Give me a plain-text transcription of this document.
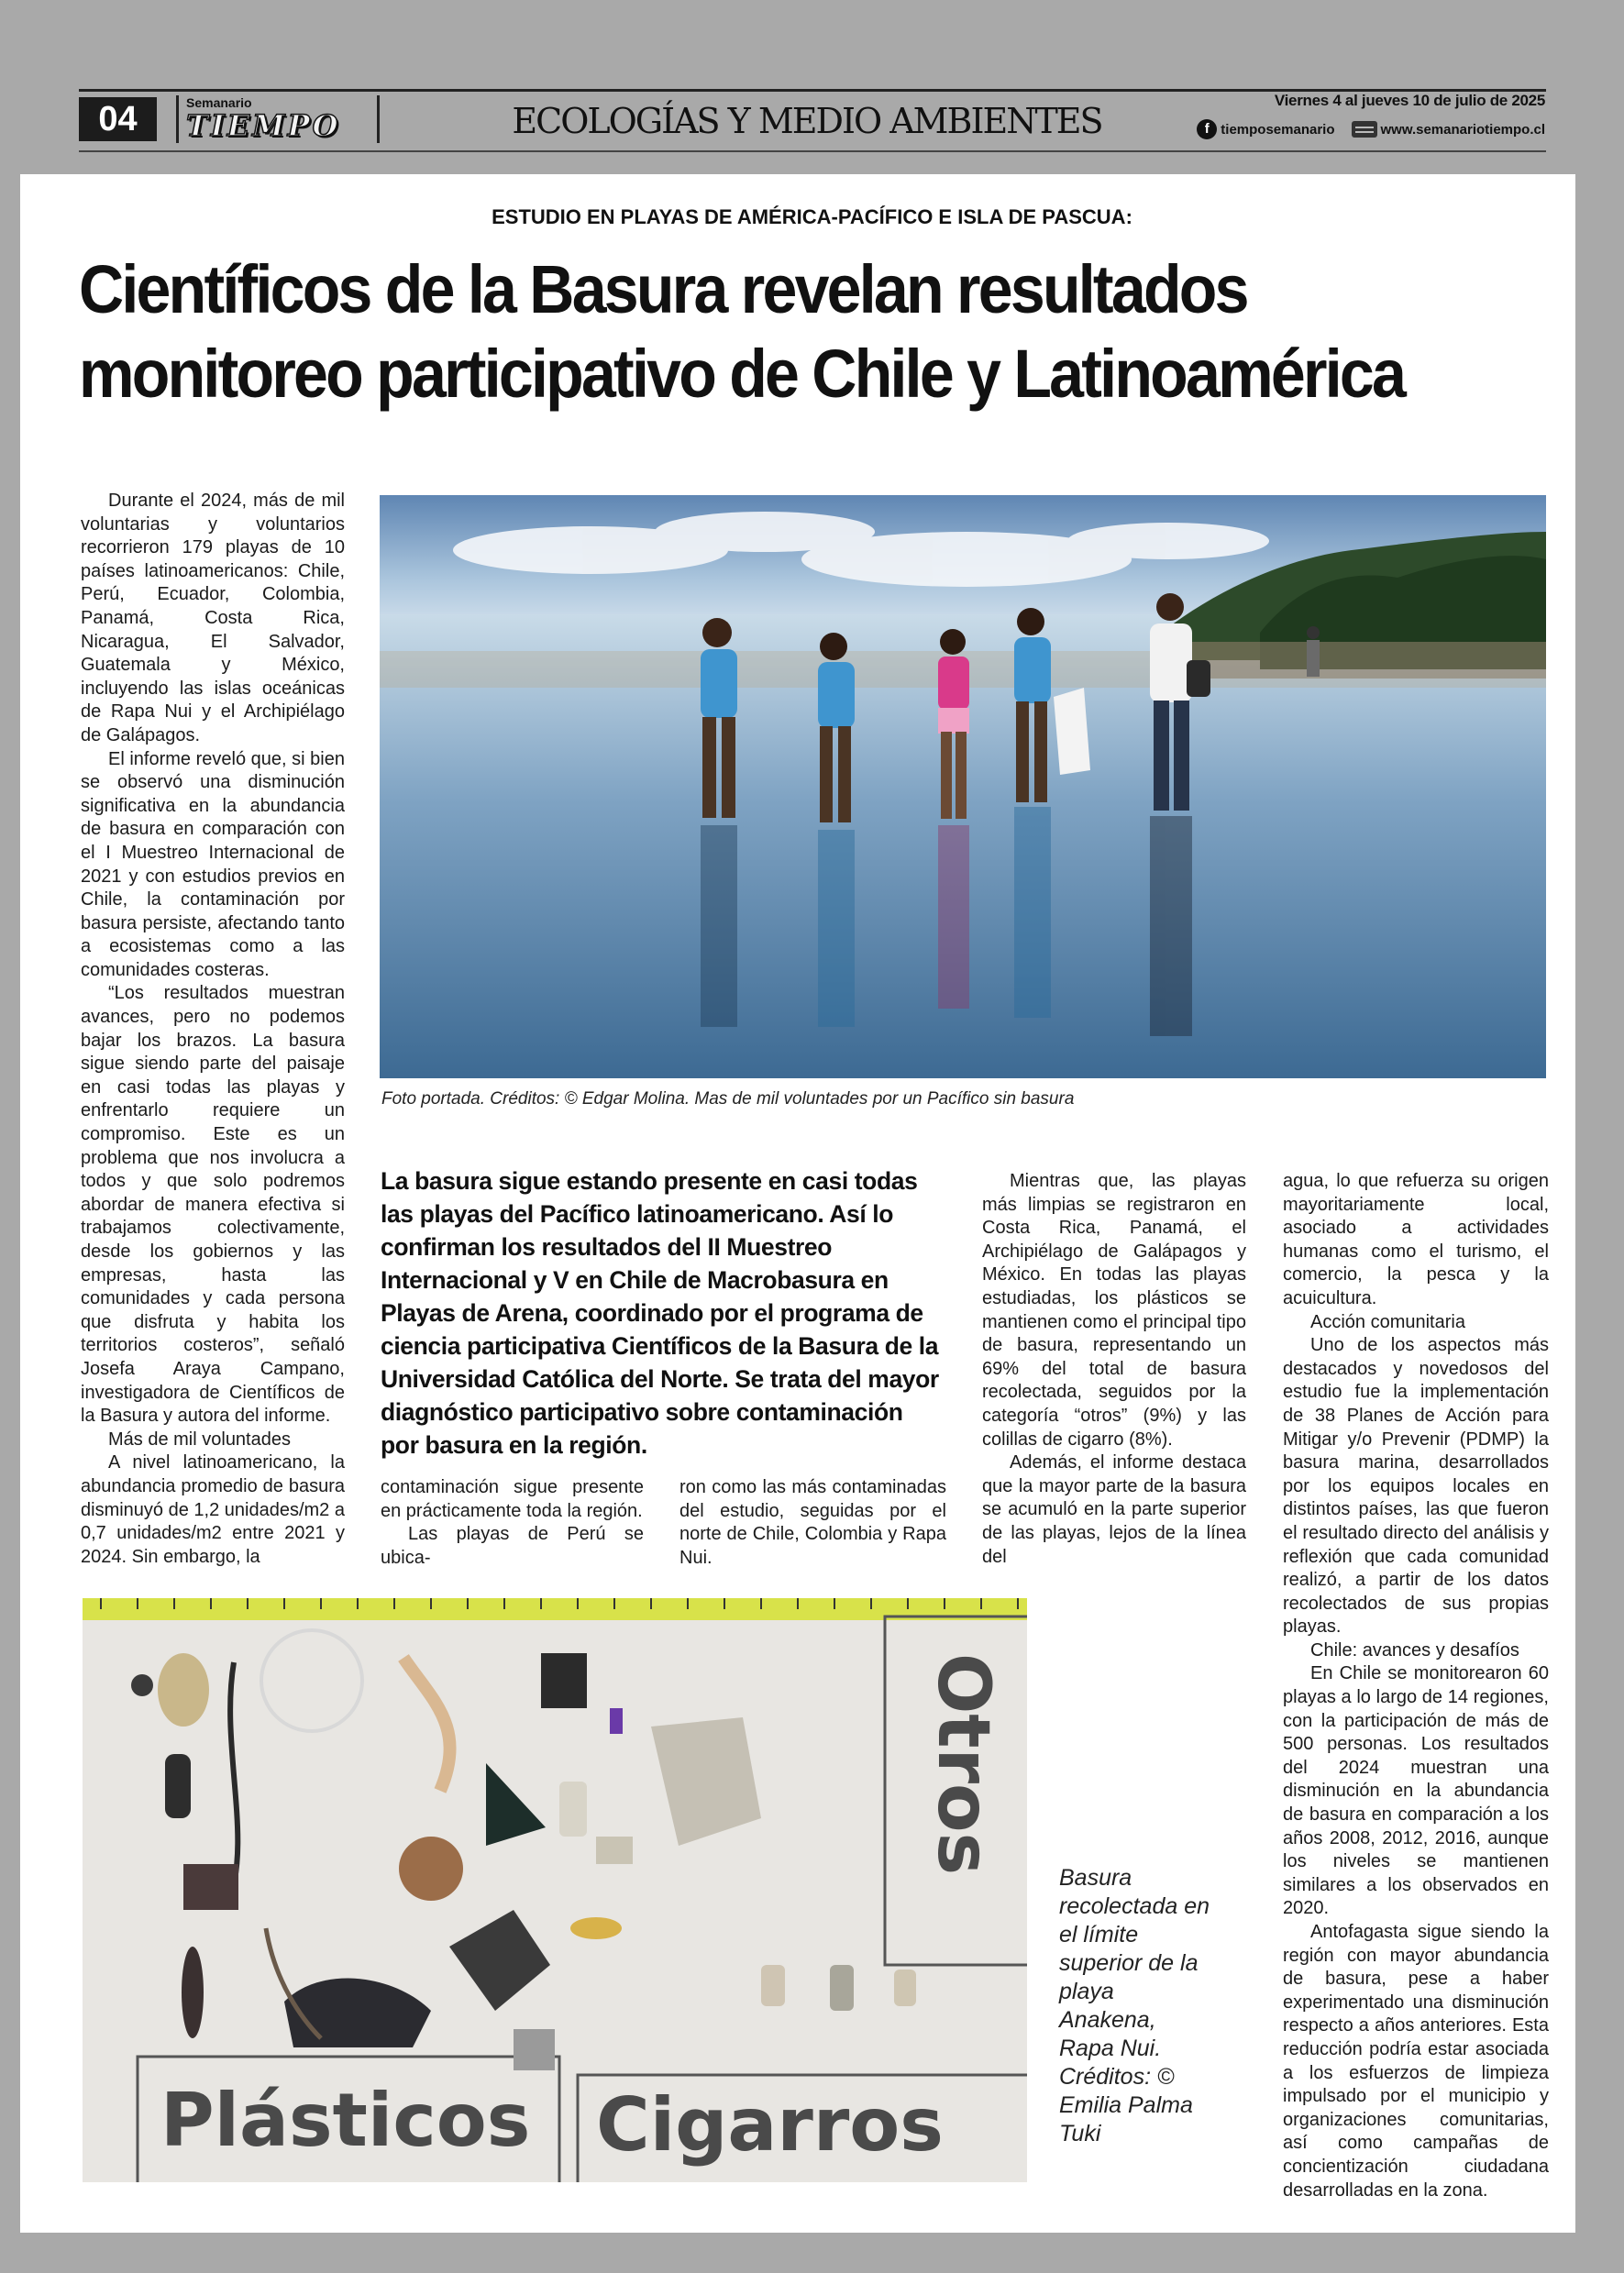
04	Semanario
TIEMPO	ECOLOGÍAS Y MEDIO AMBIENTES
Viernes 4 al jueves 10 de julio de 2025
f tiemposemanario	www.semanariotiempo.cl
ESTUDIO EN PLAYAS DE AMÉRICA-PACÍFICO E ISLA DE PASCUA:
Científicos de la Basura revelan resultados
monitoreo participativo de Chile y Latinoamérica

Durante el 2024, más de mil voluntarias y voluntarios recorrieron 179 playas de 10 países latinoamericanos: Chile, Perú, Ecuador, Colombia, Panamá, Costa Rica, Nicaragua, El Salvador, Guatemala y México, incluyendo las islas oceánicas de Rapa Nui y el Archipiélago de Galápagos.

El informe reveló que, si bien se observó una disminución significativa en la abundancia de basura en comparación con el I Muestreo Internacional de 2021 y con estudios previos en Chile, la contaminación por basura persiste, afectando tanto a ecosistemas como a las comunidades costeras.

“Los resultados muestran avances, pero no podemos bajar los brazos. La basura sigue siendo parte del paisaje en casi todas las playas y enfrentarlo requiere un compromiso. Este es un problema que nos involucra a todos y que solo podremos abordar de manera efectiva si trabajamos colectivamente, desde los gobiernos y las empresas, hasta las comunidades y cada persona que disfruta y habita los territorios costeros”, señaló Josefa Araya Campano, investigadora de Científicos de la Basura y autora del informe.

Más de mil voluntades

A nivel latinoamericano, la abundancia promedio de basura disminuyó de 1,2 unidades/m2 a 0,7 unidades/m2 entre 2021 y 2024. Sin embargo, la

Foto portada. Créditos: © Edgar Molina. Mas de mil voluntades por un Pacífico sin basura
La basura sigue estando presente en casi todas las playas del Pacífico latinoamericano. Así lo confirman los resultados del II Muestreo Internacional y V en Chile de Macrobasura en Playas de Arena, coordinado por el programa de ciencia participativa Científicos de la Basura de la Universidad Católica del Norte. Se trata del mayor diagnóstico participativo sobre contaminación por basura en la región.

contaminación sigue presente en prácticamente toda la región.

Las playas de Perú se ubica-

ron como las más contaminadas del estudio, seguidas por el norte de Chile, Colombia y Rapa Nui.

Mientras que, las playas más limpias se registraron en Costa Rica, Panamá, el Archipiélago de Galápagos y México. En todas las playas estudiadas, los plásticos se mantienen como el principal tipo de basura, representando un 69% del total de basura recolectada, seguidos por la categoría “otros” (9%) y las colillas de cigarro (8%).

Además, el informe destaca que la mayor parte de la basura se acumuló en la parte superior de las playas, lejos de la línea del

agua, lo que refuerza su origen mayoritariamente local, asociado a actividades humanas como el turismo, el comercio, la pesca y la acuicultura.

Acción comunitaria

Uno de los aspectos más destacados y novedosos del estudio fue la implementación de 38 Planes de Acción para Mitigar y/o Prevenir (PDMP) la basura marina, desarrollados por los equipos locales en distintos países, las que fueron el resultado directo del análisis y reflexión que cada comunidad realizó, a partir de los datos recolectados de sus propias playas.

Chile: avances y desafíos

En Chile se monitorearon 60 playas a lo largo de 14 regiones, con la participación de más de 500 personas. Los resultados del 2024 muestran una disminución en la abundancia de basura en comparación a los años 2008, 2012, 2016, aunque los niveles se mantienen similares a los observados en 2020.

Antofagasta sigue siendo la región con mayor abundancia de basura, pese a haber experimentado una disminución respecto a años anteriores. Esta reducción podría estar asociada a los esfuerzos de limpieza impulsado por el municipio y organizaciones comunitarias, así como campañas de concientización ciudadana desarrolladas en la zona.

Otros
Plásticos Cigarros
Basura recolectada en el límite superior de la playa Anakena, Rapa Nui. Créditos: © Emilia Palma Tuki
